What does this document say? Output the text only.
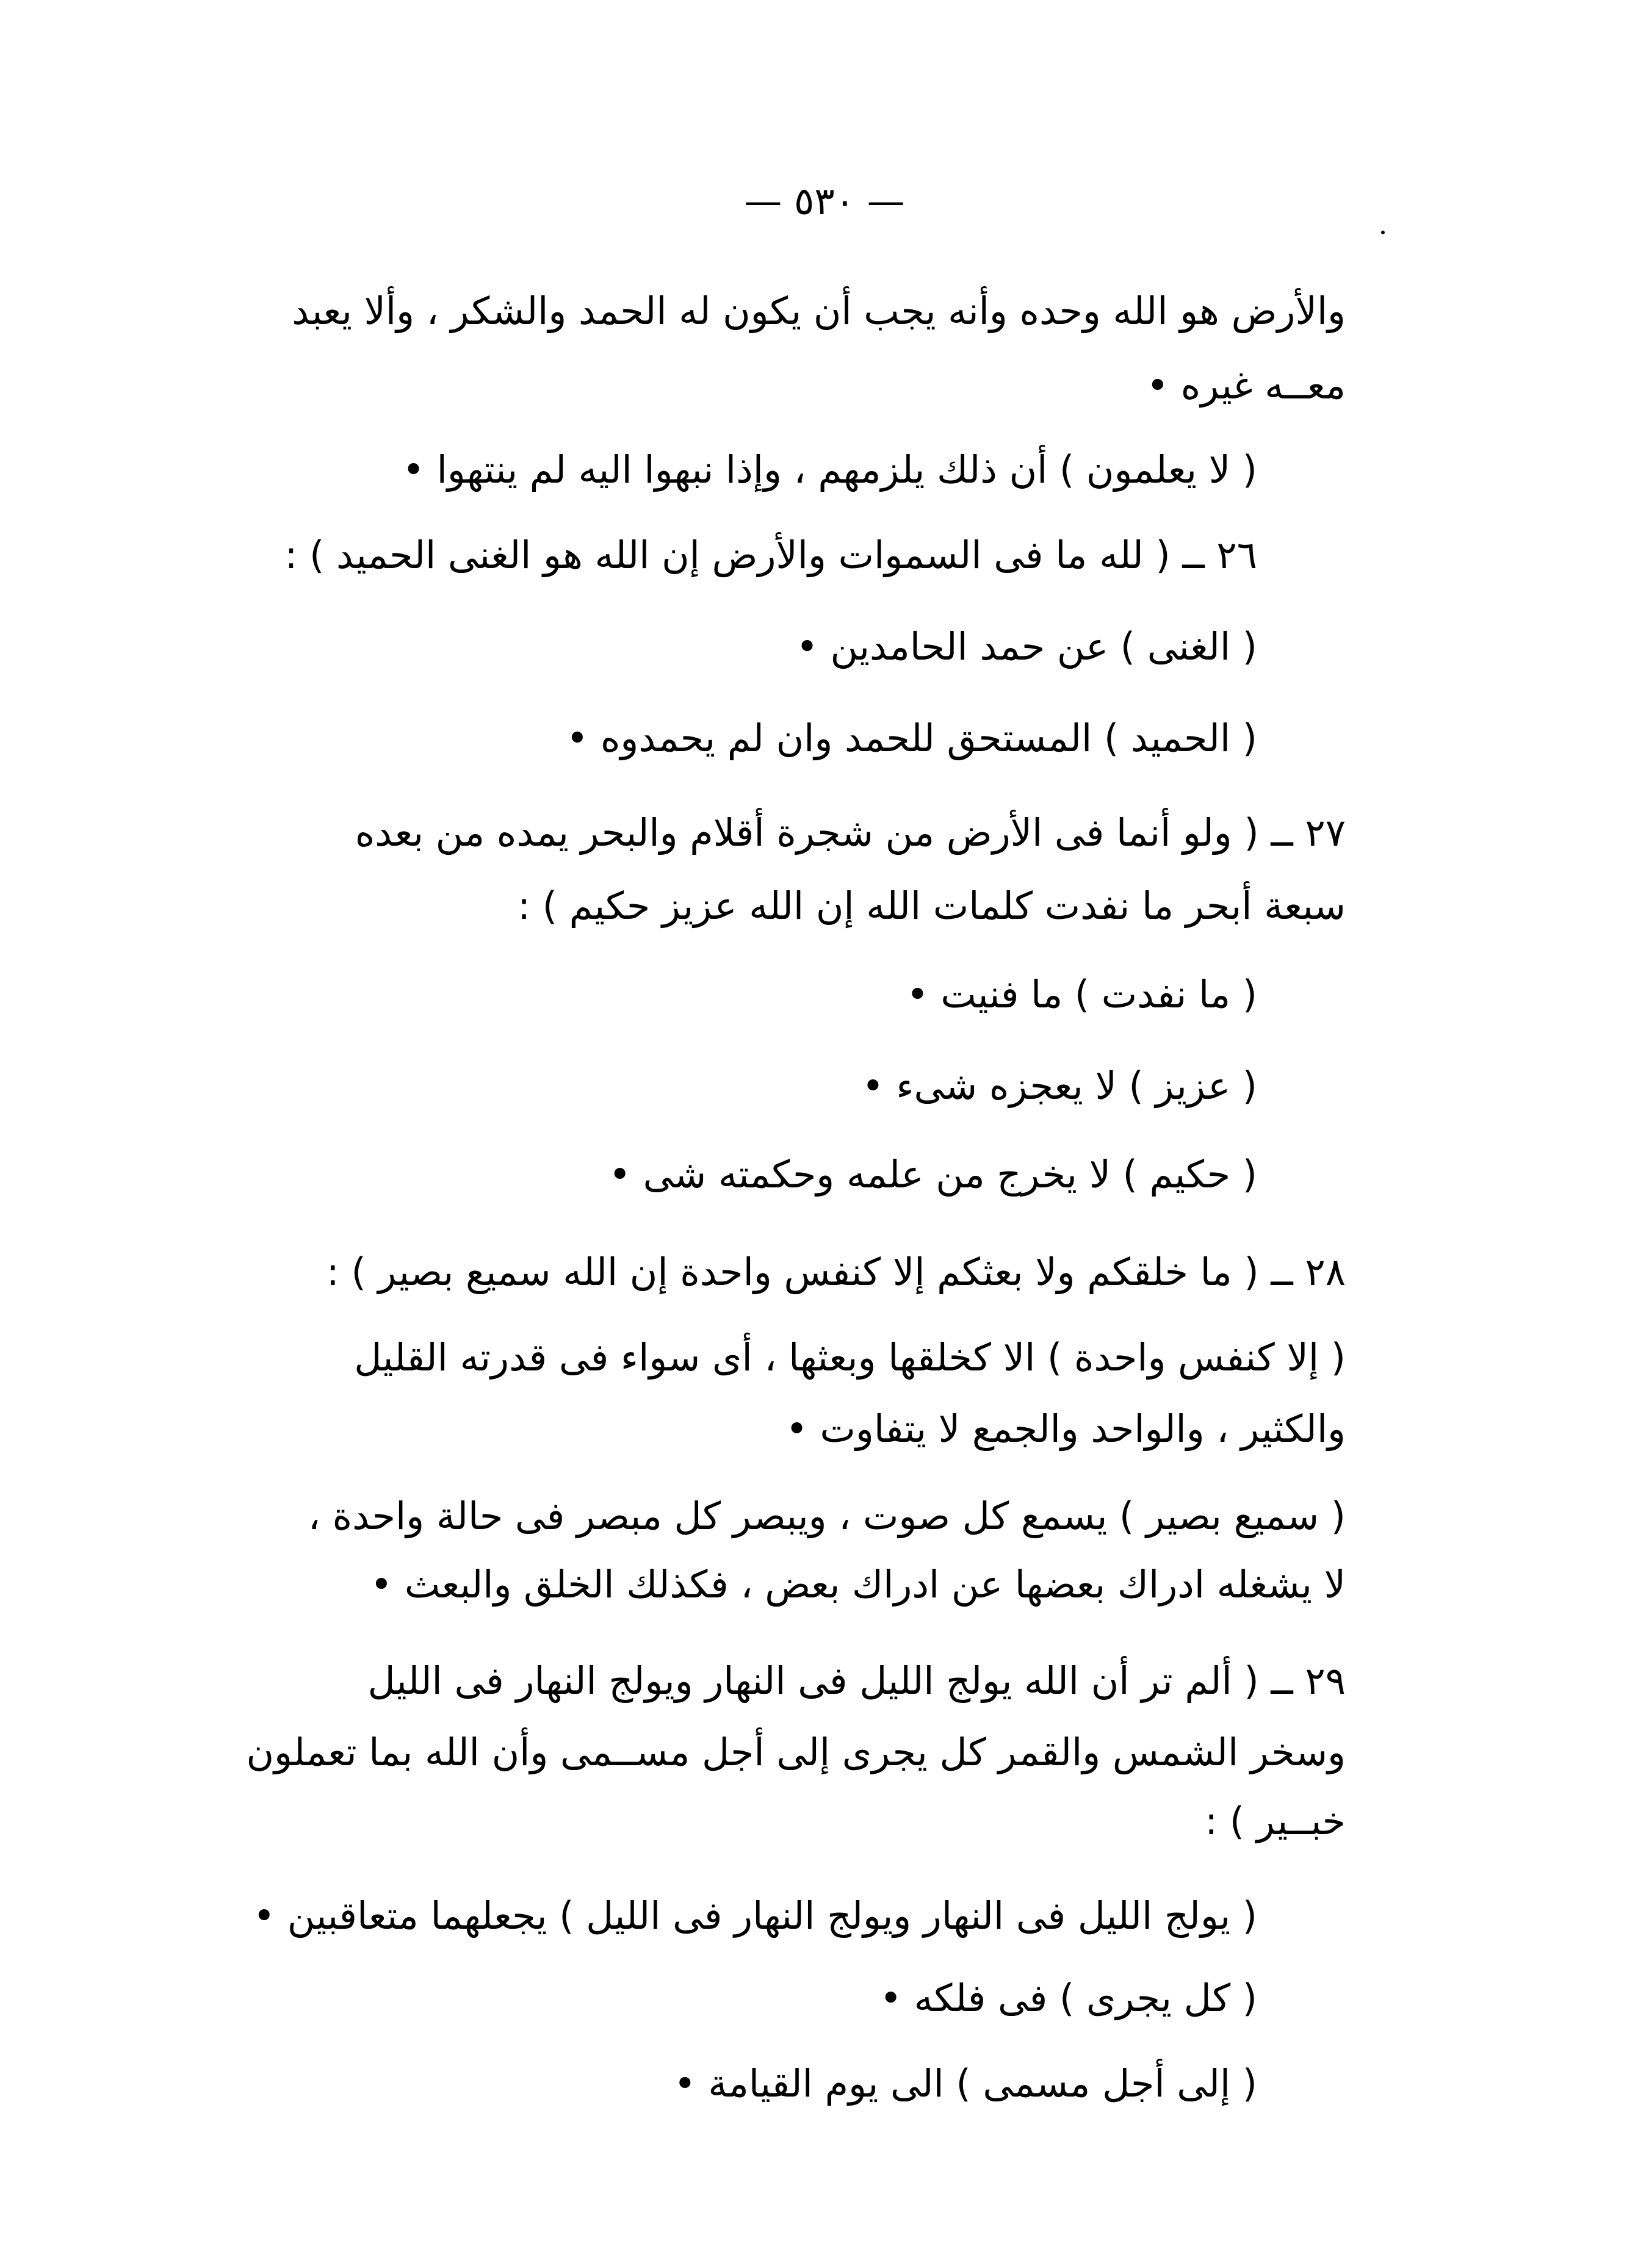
— ٥٣٠ —
والأرض هو الله وحده وأنه يجب أن يكون له الحمد والشكر ، وألا يعبد
معــه غيره •
( لا يعلمون ) أن ذلك يلزمهم ، وإذا نبهوا اليه لم ينتهوا •
٢٦ ــ ( لله ما فى السموات والأرض إن الله هو الغنى الحميد ) :
( الغنى ) عن حمد الحامدين •
( الحميد ) المستحق للحمد وان لم يحمدوه •
٢٧ ــ ( ولو أنما فى الأرض من شجرة أقلام والبحر يمده من بعده
سبعة أبحر ما نفدت كلمات الله إن الله عزيز حكيم ) :
( ما نفدت ) ما فنيت •
( عزيز ) لا يعجزه شىء •
( حكيم ) لا يخرج من علمه وحكمته شى •
٢٨ ــ ( ما خلقكم ولا بعثكم إلا كنفس واحدة إن الله سميع بصير ) :
( إلا كنفس واحدة ) الا كخلقها وبعثها ، أى سواء فى قدرته القليل
والكثير ، والواحد والجمع لا يتفاوت •
( سميع بصير ) يسمع كل صوت ، ويبصر كل مبصر فى حالة واحدة ،
لا يشغله ادراك بعضها عن ادراك بعض ، فكذلك الخلق والبعث •
٢٩ ــ ( ألم تر أن الله يولج الليل فى النهار ويولج النهار فى الليل
وسخر الشمس والقمر كل يجرى إلى أجل مســمى وأن الله بما تعملون
خبــير ) :
( يولج الليل فى النهار ويولج النهار فى الليل ) يجعلهما متعاقبين •
( كل يجرى ) فى فلكه •
( إلى أجل مسمى ) الى يوم القيامة •
